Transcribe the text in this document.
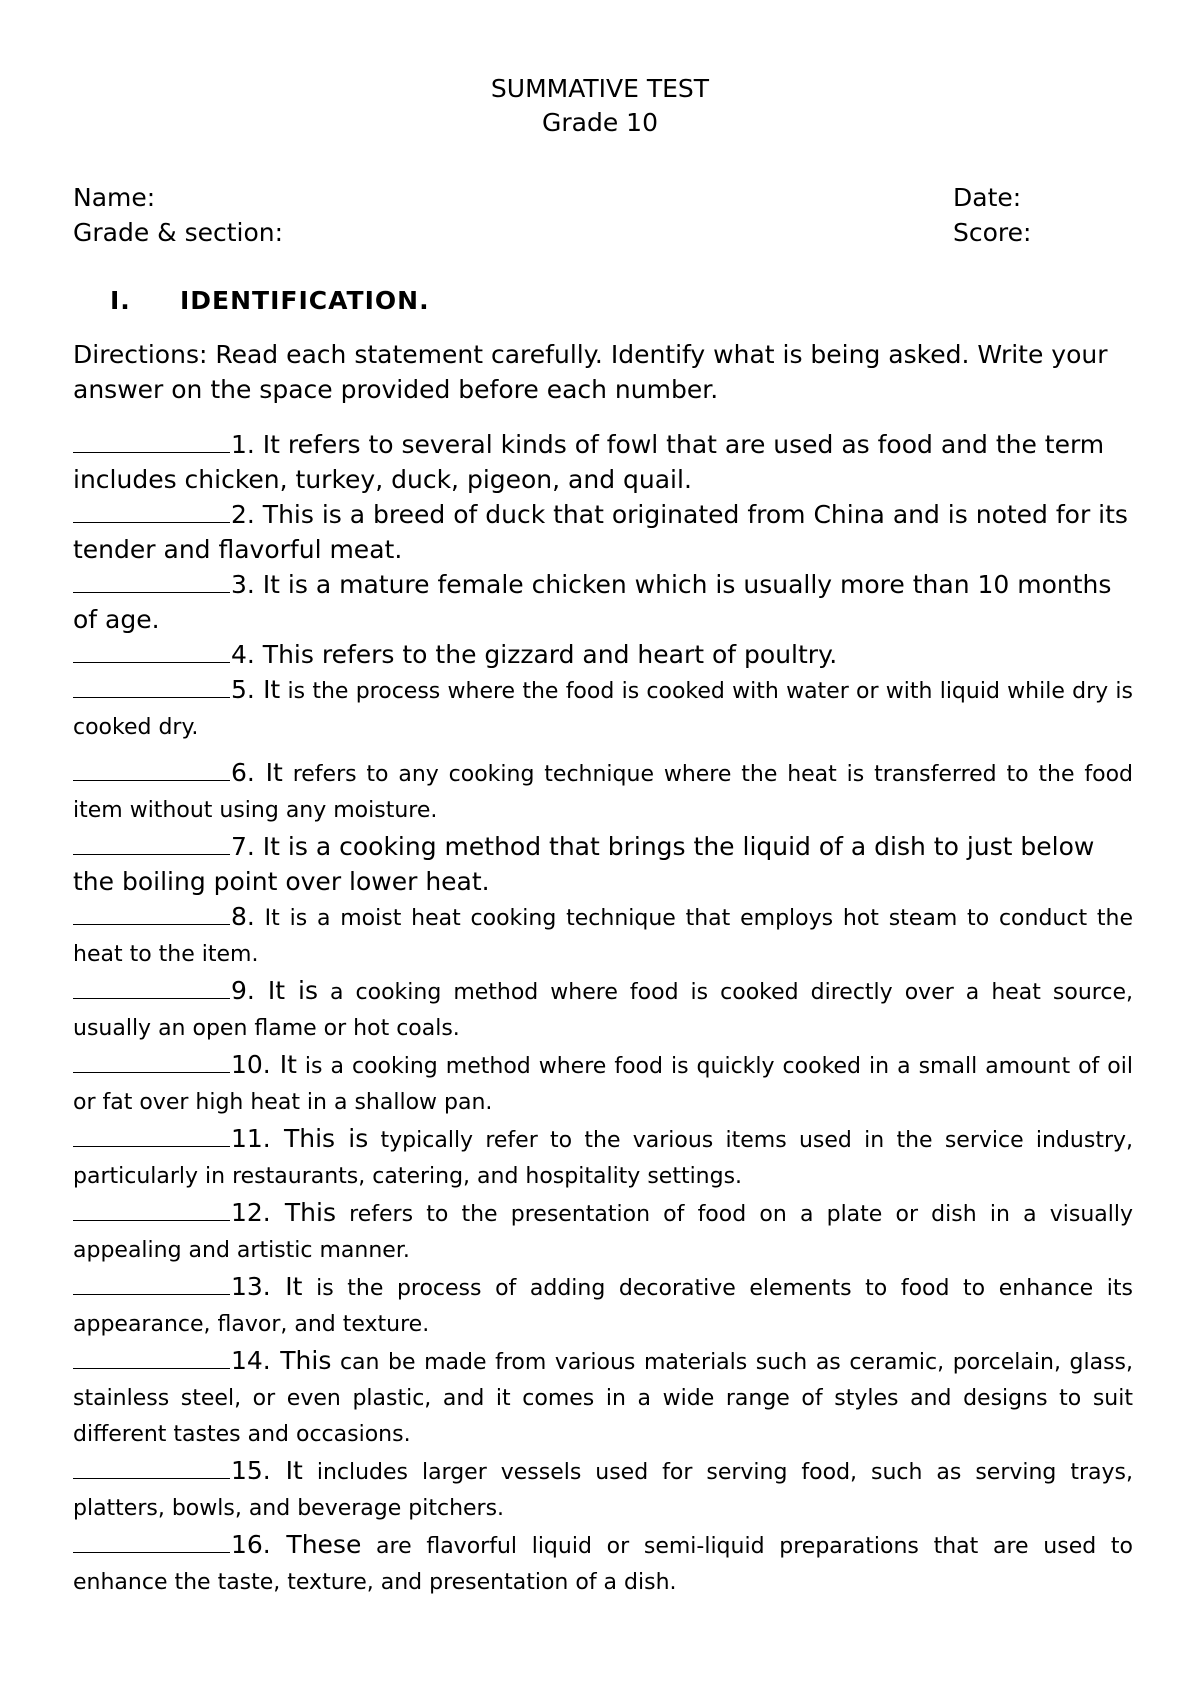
SUMMATIVE TEST
Grade 10
Name:	Date:
Grade & section:	Score:
I. IDENTIFICATION.
Directions: Read each statement carefully. Identify what is being asked. Write your answer on the space provided before each number.
1. It refers to several kinds of fowl that are used as food and the term includes chicken, turkey, duck, pigeon, and quail.
2. This is a breed of duck that originated from China and is noted for its tender and flavorful meat.
3. It is a mature female chicken which is usually more than 10 months of age.
4. This refers to the gizzard and heart of poultry.
5. It is the process where the food is cooked with water or with liquid while dry is cooked dry.
6. It refers to any cooking technique where the heat is transferred to the food item without using any moisture.
7. It is a cooking method that brings the liquid of a dish to just below the boiling point over lower heat.
8. It is a moist heat cooking technique that employs hot steam to conduct the heat to the item.
9. It is a cooking method where food is cooked directly over a heat source, usually an open flame or hot coals.
10. It is a cooking method where food is quickly cooked in a small amount of oil or fat over high heat in a shallow pan.
11. This is typically refer to the various items used in the service industry, particularly in restaurants, catering, and hospitality settings.
12. This refers to the presentation of food on a plate or dish in a visually appealing and artistic manner.
13. It is the process of adding decorative elements to food to enhance its appearance, flavor, and texture.
14. This can be made from various materials such as ceramic, porcelain, glass, stainless steel, or even plastic, and it comes in a wide range of styles and designs to suit different tastes and occasions.
15. It includes larger vessels used for serving food, such as serving trays, platters, bowls, and beverage pitchers.
16. These are flavorful liquid or semi-liquid preparations that are used to enhance the taste, texture, and presentation of a dish.
